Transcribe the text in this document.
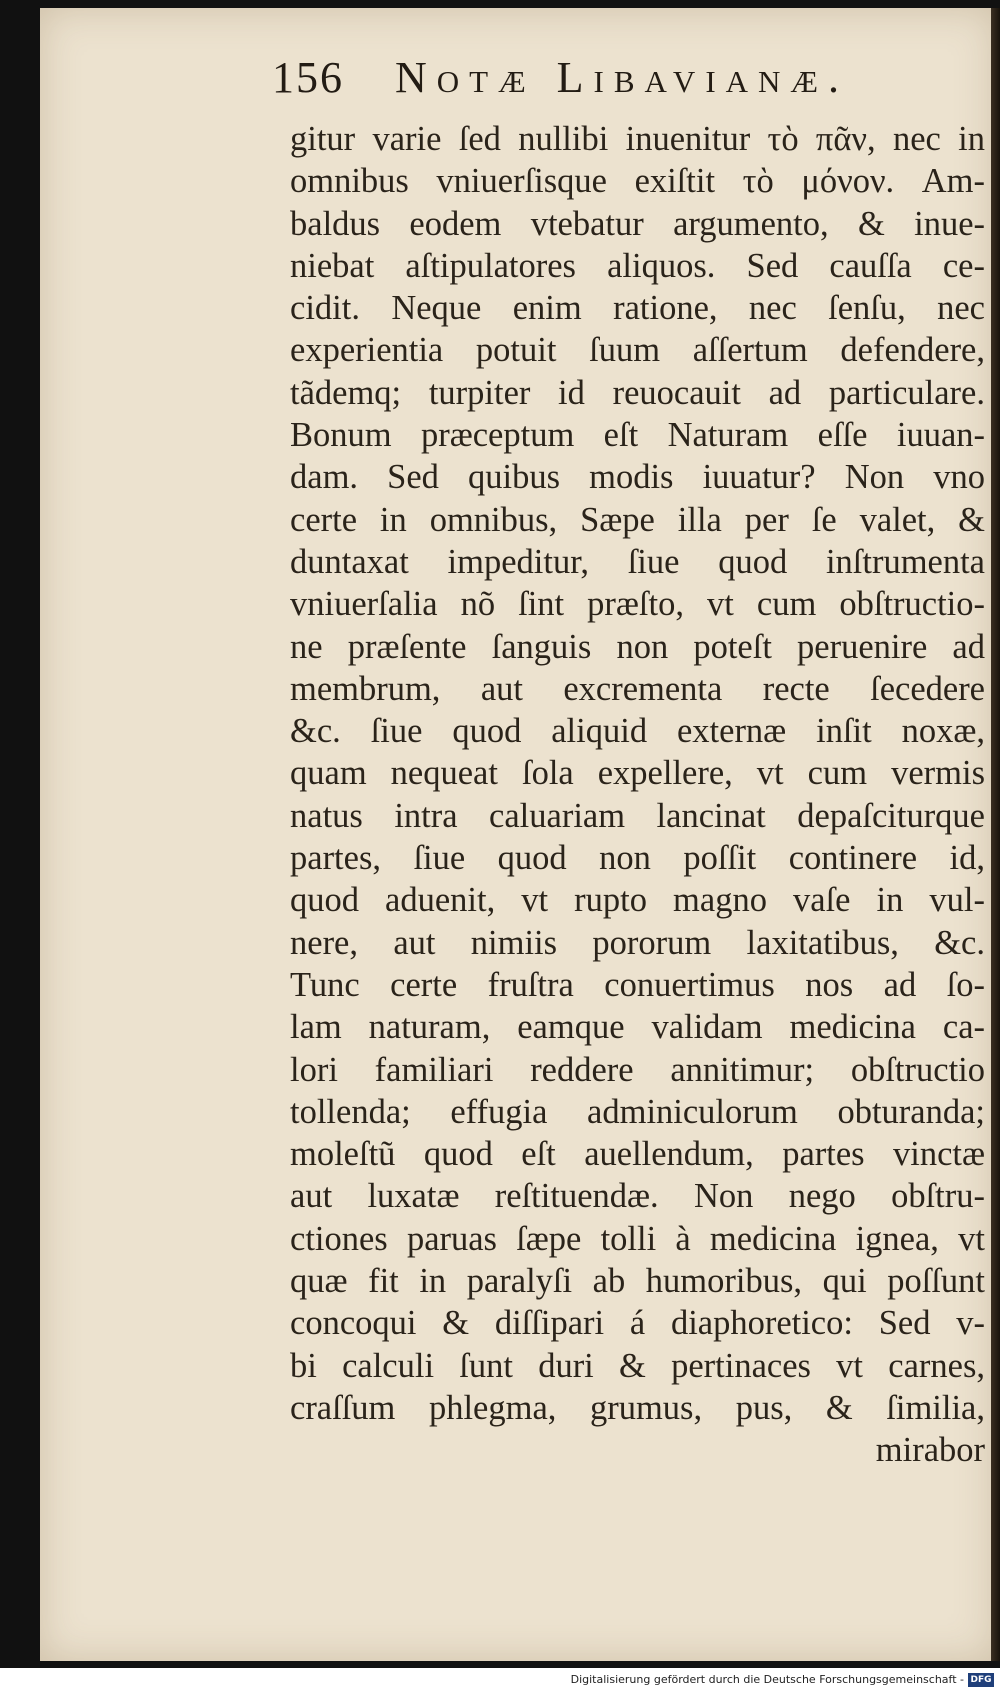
156 Notæ Libavianæ.
gitur varie ſed nullibi inuenitur τὸ πᾶν, nec in
omnibus vniuerſisque exiſtit τὸ μόνον. Am-
baldus eodem vtebatur argumento, & inue-
niebat aſtipulatores aliquos. Sed cauſſa ce-
cidit. Neque enim ratione, nec ſenſu, nec
experientia potuit ſuum aſſertum defendere,
tãdemq; turpiter id reuocauit ad particulare.
Bonum præceptum eſt Naturam eſſe iuuan-
dam. Sed quibus modis iuuatur? Non vno
certe in omnibus, Sæpe illa per ſe valet, &
duntaxat impeditur, ſiue quod inſtrumenta
vniuerſalia nõ ſint præſto, vt cum obſtructio-
ne præſente ſanguis non poteſt peruenire ad
membrum, aut excrementa recte ſecedere
&c. ſiue quod aliquid externæ inſit noxæ,
quam nequeat ſola expellere, vt cum vermis
natus intra caluariam lancinat depaſciturque
partes, ſiue quod non poſſit continere id,
quod aduenit, vt rupto magno vaſe in vul-
nere, aut nimiis pororum laxitatibus, &c.
Tunc certe fruſtra conuertimus nos ad ſo-
lam naturam, eamque validam medicina ca-
lori familiari reddere annitimur; obſtructio
tollenda; effugia adminiculorum obturanda;
moleſtũ quod eſt auellendum, partes vinctæ
aut luxatæ reſtituendæ. Non nego obſtru-
ctiones paruas ſæpe tolli à medicina ignea, vt
quæ fit in paralyſi ab humoribus, qui poſſunt
concoqui & diſſipari á diaphoretico: Sed v-
bi calculi ſunt duri & pertinaces vt carnes,
craſſum phlegma, grumus, pus, & ſimilia,
mirabor
Digitalisierung gefördert durch die Deutsche Forschungsgemeinschaft - DFG
